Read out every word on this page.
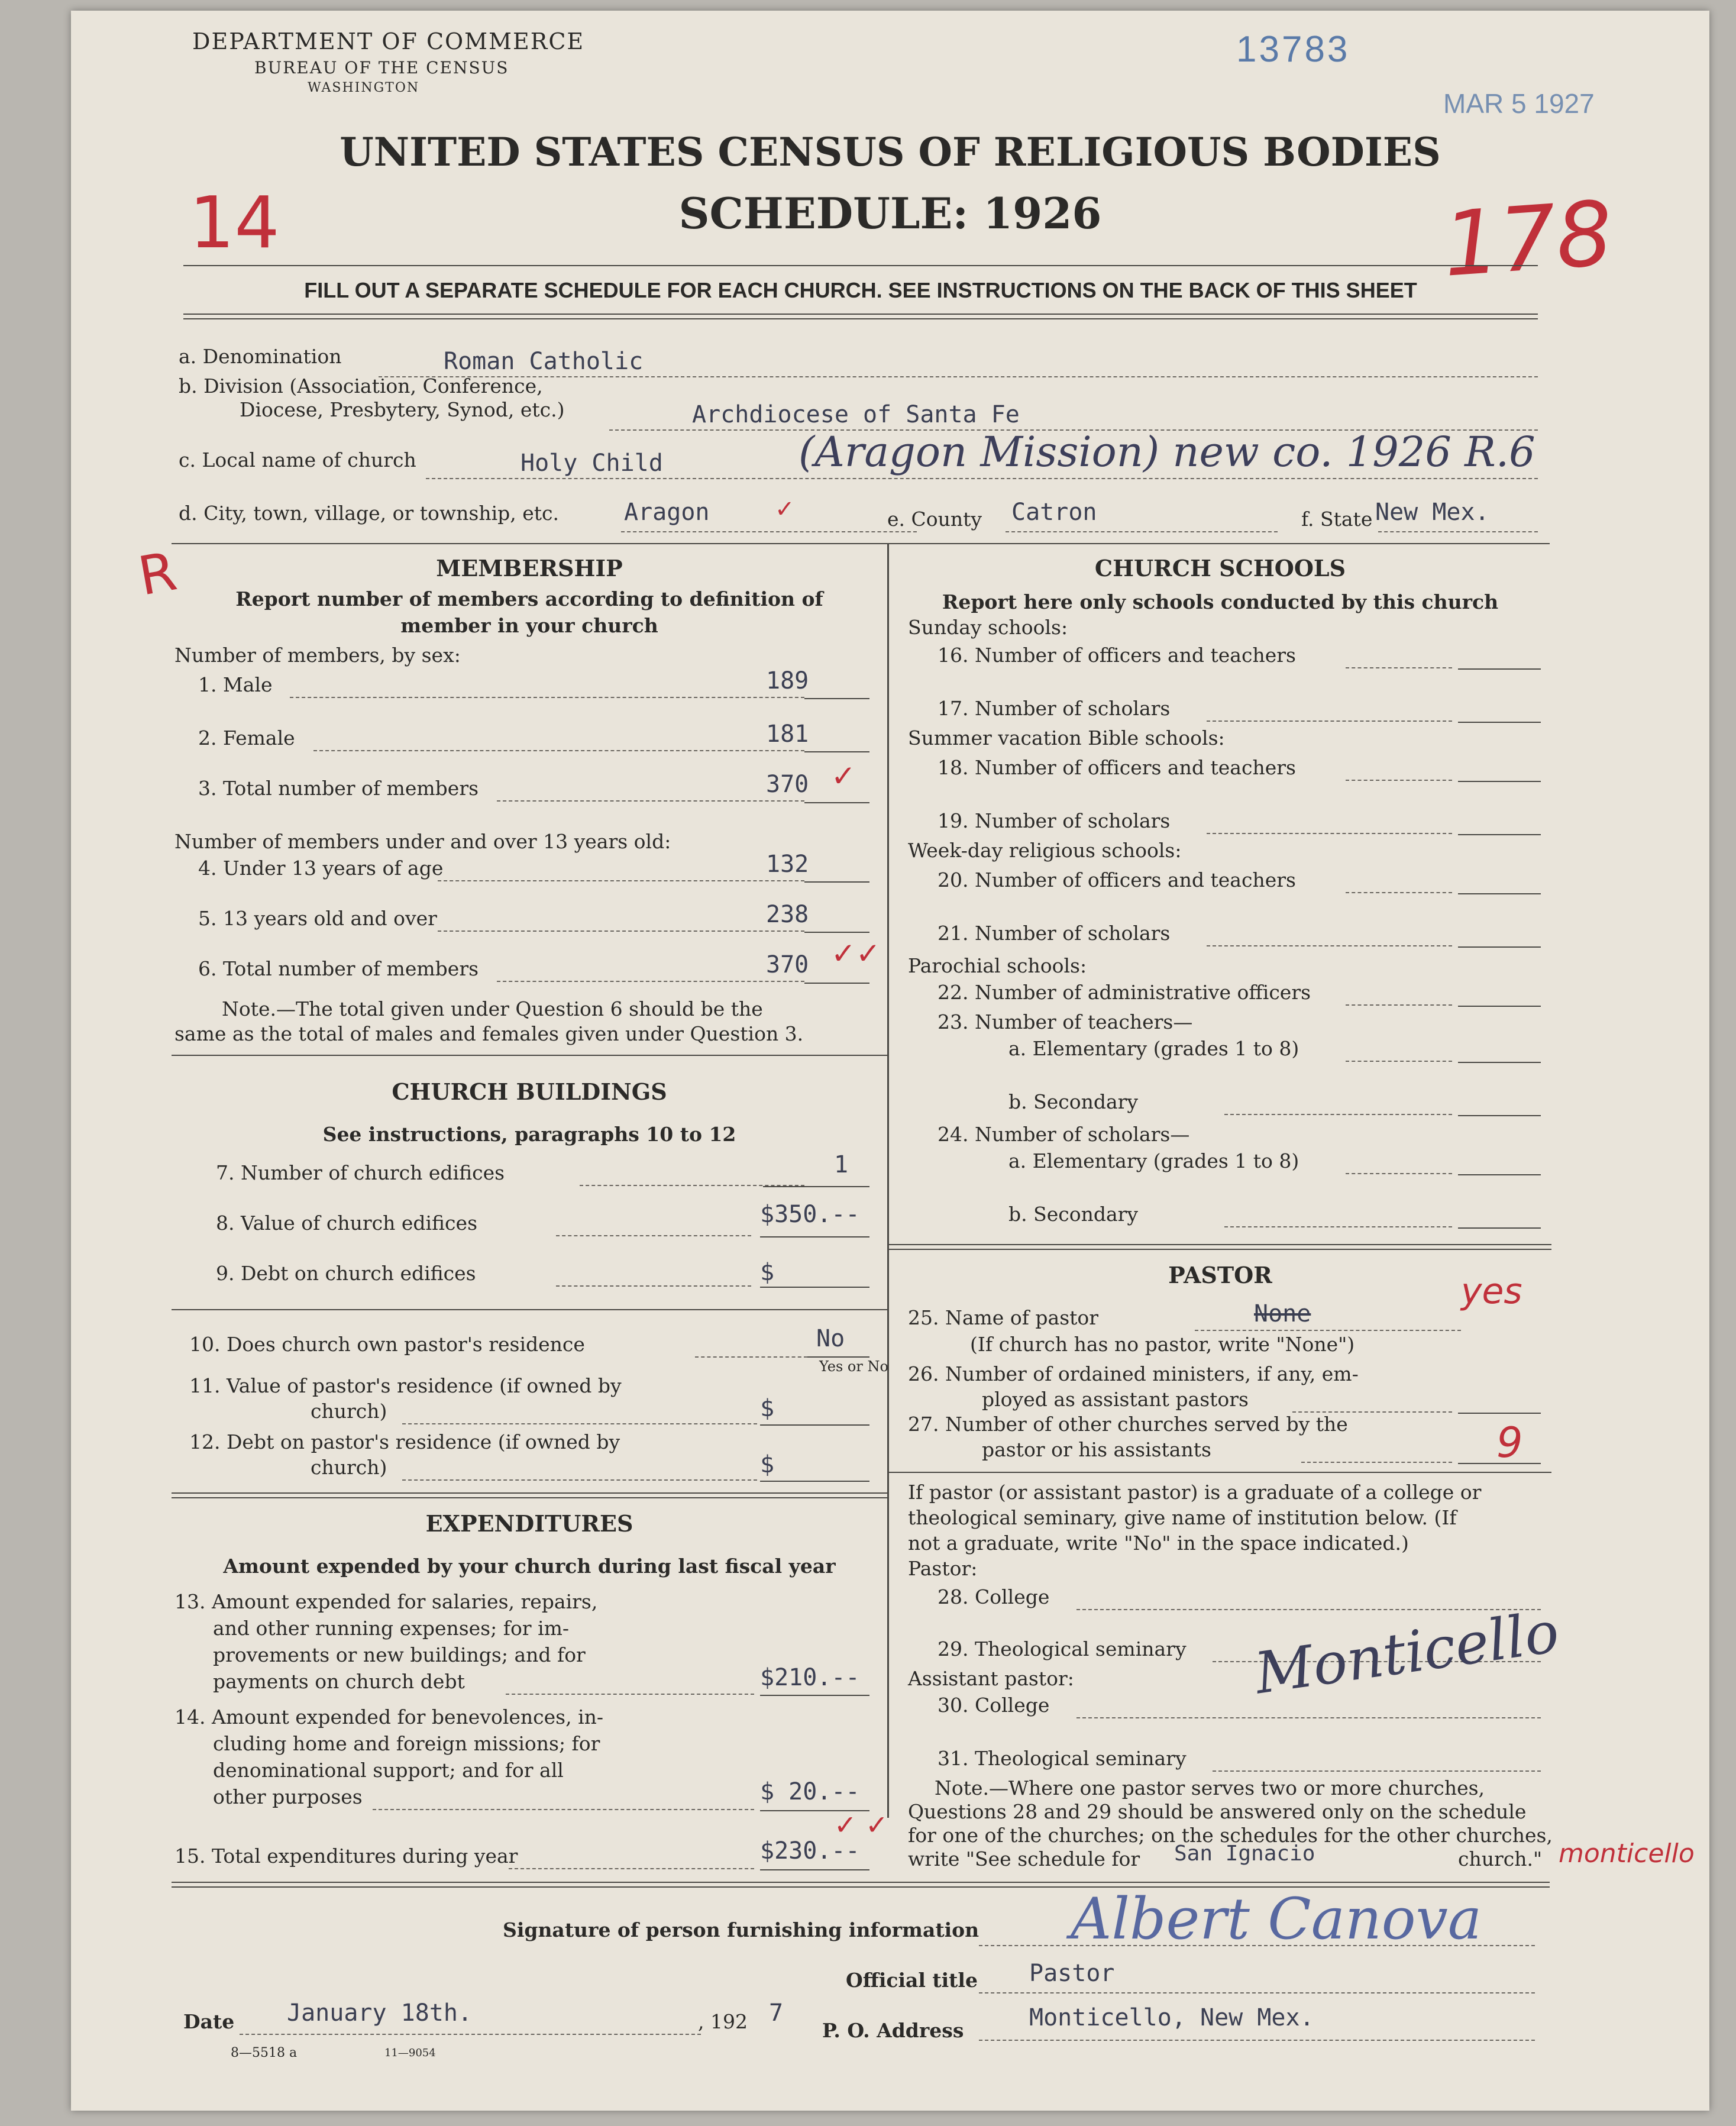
DEPARTMENT OF COMMERCE
BUREAU OF THE CENSUS
WASHINGTON
13783
MAR 5 1927
14	178
R
UNITED STATES CENSUS OF RELIGIOUS BODIES
SCHEDULE: 1926
FILL OUT A SEPARATE SCHEDULE FOR EACH CHURCH. SEE INSTRUCTIONS ON THE BACK OF THIS SHEET
a. Denomination	Roman Catholic
b. Division (Association, Conference,
Diocese, Presbytery, Synod, etc.)	Archdiocese of Santa Fe
c. Local name of church	Holy Child	(Aragon Mission) new co. 1926 R.6
d. City, town, village, or township, etc.	Aragon	✓	e. County Catron	f. State New Mex.
MEMBERSHIP
Report number of members according to definition of
member in your church
Number of members, by sex:
1. Male	189
2. Female	181
3. Total number of members	370 ✓
Number of members under and over 13 years old:
4. Under 13 years of age	132
5. 13 years old and over	238
6. Total number of members	370 ✓✓
Note.—The total given under Question 6 should be the
same as the total of males and females given under Question 3.
CHURCH BUILDINGS
See instructions, paragraphs 10 to 12
7. Number of church edifices	1
8. Value of church edifices	$350.--
9. Debt on church edifices	$
10. Does church own pastor's residence	No
Yes or No
11. Value of pastor's residence (if owned by
church)	$
12. Debt on pastor's residence (if owned by
church)	$
EXPENDITURES
Amount expended by your church during last fiscal year
13. Amount expended for salaries, repairs,
and other running expenses; for im-
provements or new buildings; and for
payments on church debt	$210.--
14. Amount expended for benevolences, in-
cluding home and foreign missions; for
denominational support; and for all
other purposes	$ 20.--
15. Total expenditures during year	$230.--
✓ ✓
CHURCH SCHOOLS
Report here only schools conducted by this church
Sunday schools:
16. Number of officers and teachers
17. Number of scholars
Summer vacation Bible schools:
18. Number of officers and teachers
19. Number of scholars
Week-day religious schools:
20. Number of officers and teachers
21. Number of scholars
Parochial schools:
22. Number of administrative officers
23. Number of teachers—
a. Elementary (grades 1 to 8)
b. Secondary
24. Number of scholars—
a. Elementary (grades 1 to 8)
b. Secondary
PASTOR
25. Name of pastor	None
yes
(If church has no pastor, write "None")
26. Number of ordained ministers, if any, em-
ployed as assistant pastors
27. Number of other churches served by the
pastor or his assistants	9
If pastor (or assistant pastor) is a graduate of a college or
theological seminary, give name of institution below. (If
not a graduate, write "No" in the space indicated.)
Pastor:
28. College
29. Theological seminary Monticello
Assistant pastor:
30. College
31. Theological seminary
Note.—Where one pastor serves two or more churches,
Questions 28 and 29 should be answered only on the schedule
for one of the churches; on the schedules for the other churches,
write "See schedule for San Ignacio	church." monticello
Signature of person furnishing information Albert Canova
Official title Pastor
Date January 18th.	, 192 7
P. O. Address	Monticello, New Mex.
8—5518 a	11—9054
